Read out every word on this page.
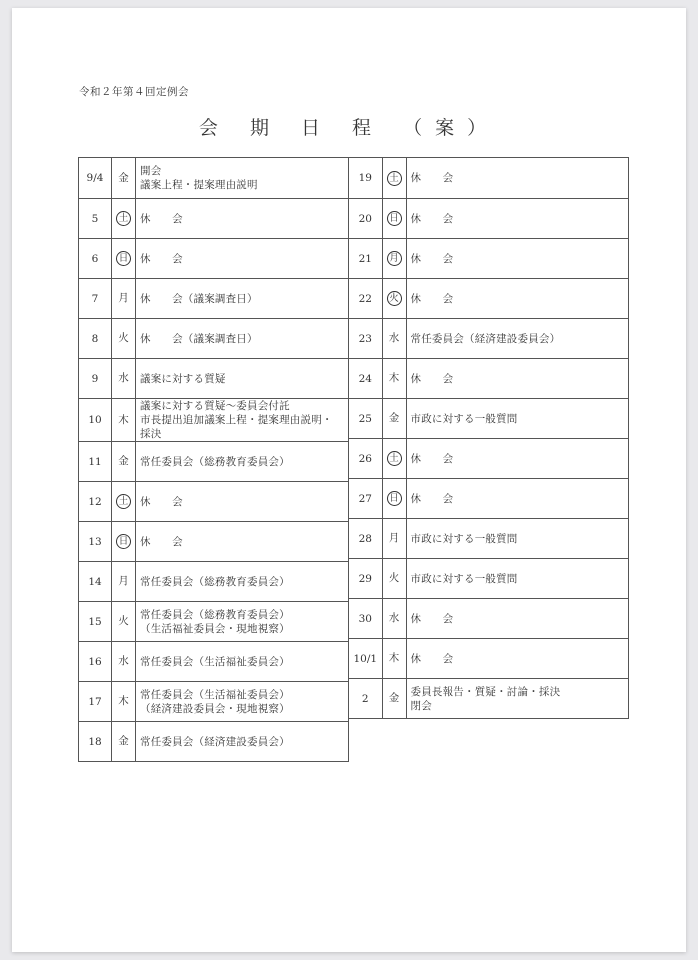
令和２年第４回定例会
会 期 日 程 （案）
9/4	金	開会
議案上程・提案理由説明

5	土	休　　会

6	日	休　　会

7	月	休　　会（議案調査日）

8	火	休　　会（議案調査日）

9	水	議案に対する質疑

10	木	議案に対する質疑～委員会付託
市長提出追加議案上程・提案理由説明・
採決

11	金	常任委員会（総務教育委員会）

12	土	休　　会

13	日	休　　会

14	月	常任委員会（総務教育委員会）

15	火	常任委員会（総務教育委員会）
（生活福祉委員会・現地視察）

16	水	常任委員会（生活福祉委員会）

17	木	常任委員会（生活福祉委員会）
（経済建設委員会・現地視察）

18	金	常任委員会（経済建設委員会）
19	土	休　　会

20	日	休　　会

21	月	休　　会

22	火	休　　会

23	水	常任委員会（経済建設委員会）

24	木	休　　会

25	金	市政に対する一般質問

26	土	休　　会

27	日	休　　会

28	月	市政に対する一般質問

29	火	市政に対する一般質問

30	水	休　　会

10/1	木	休　　会

2	金	委員長報告・質疑・討論・採決
閉会
